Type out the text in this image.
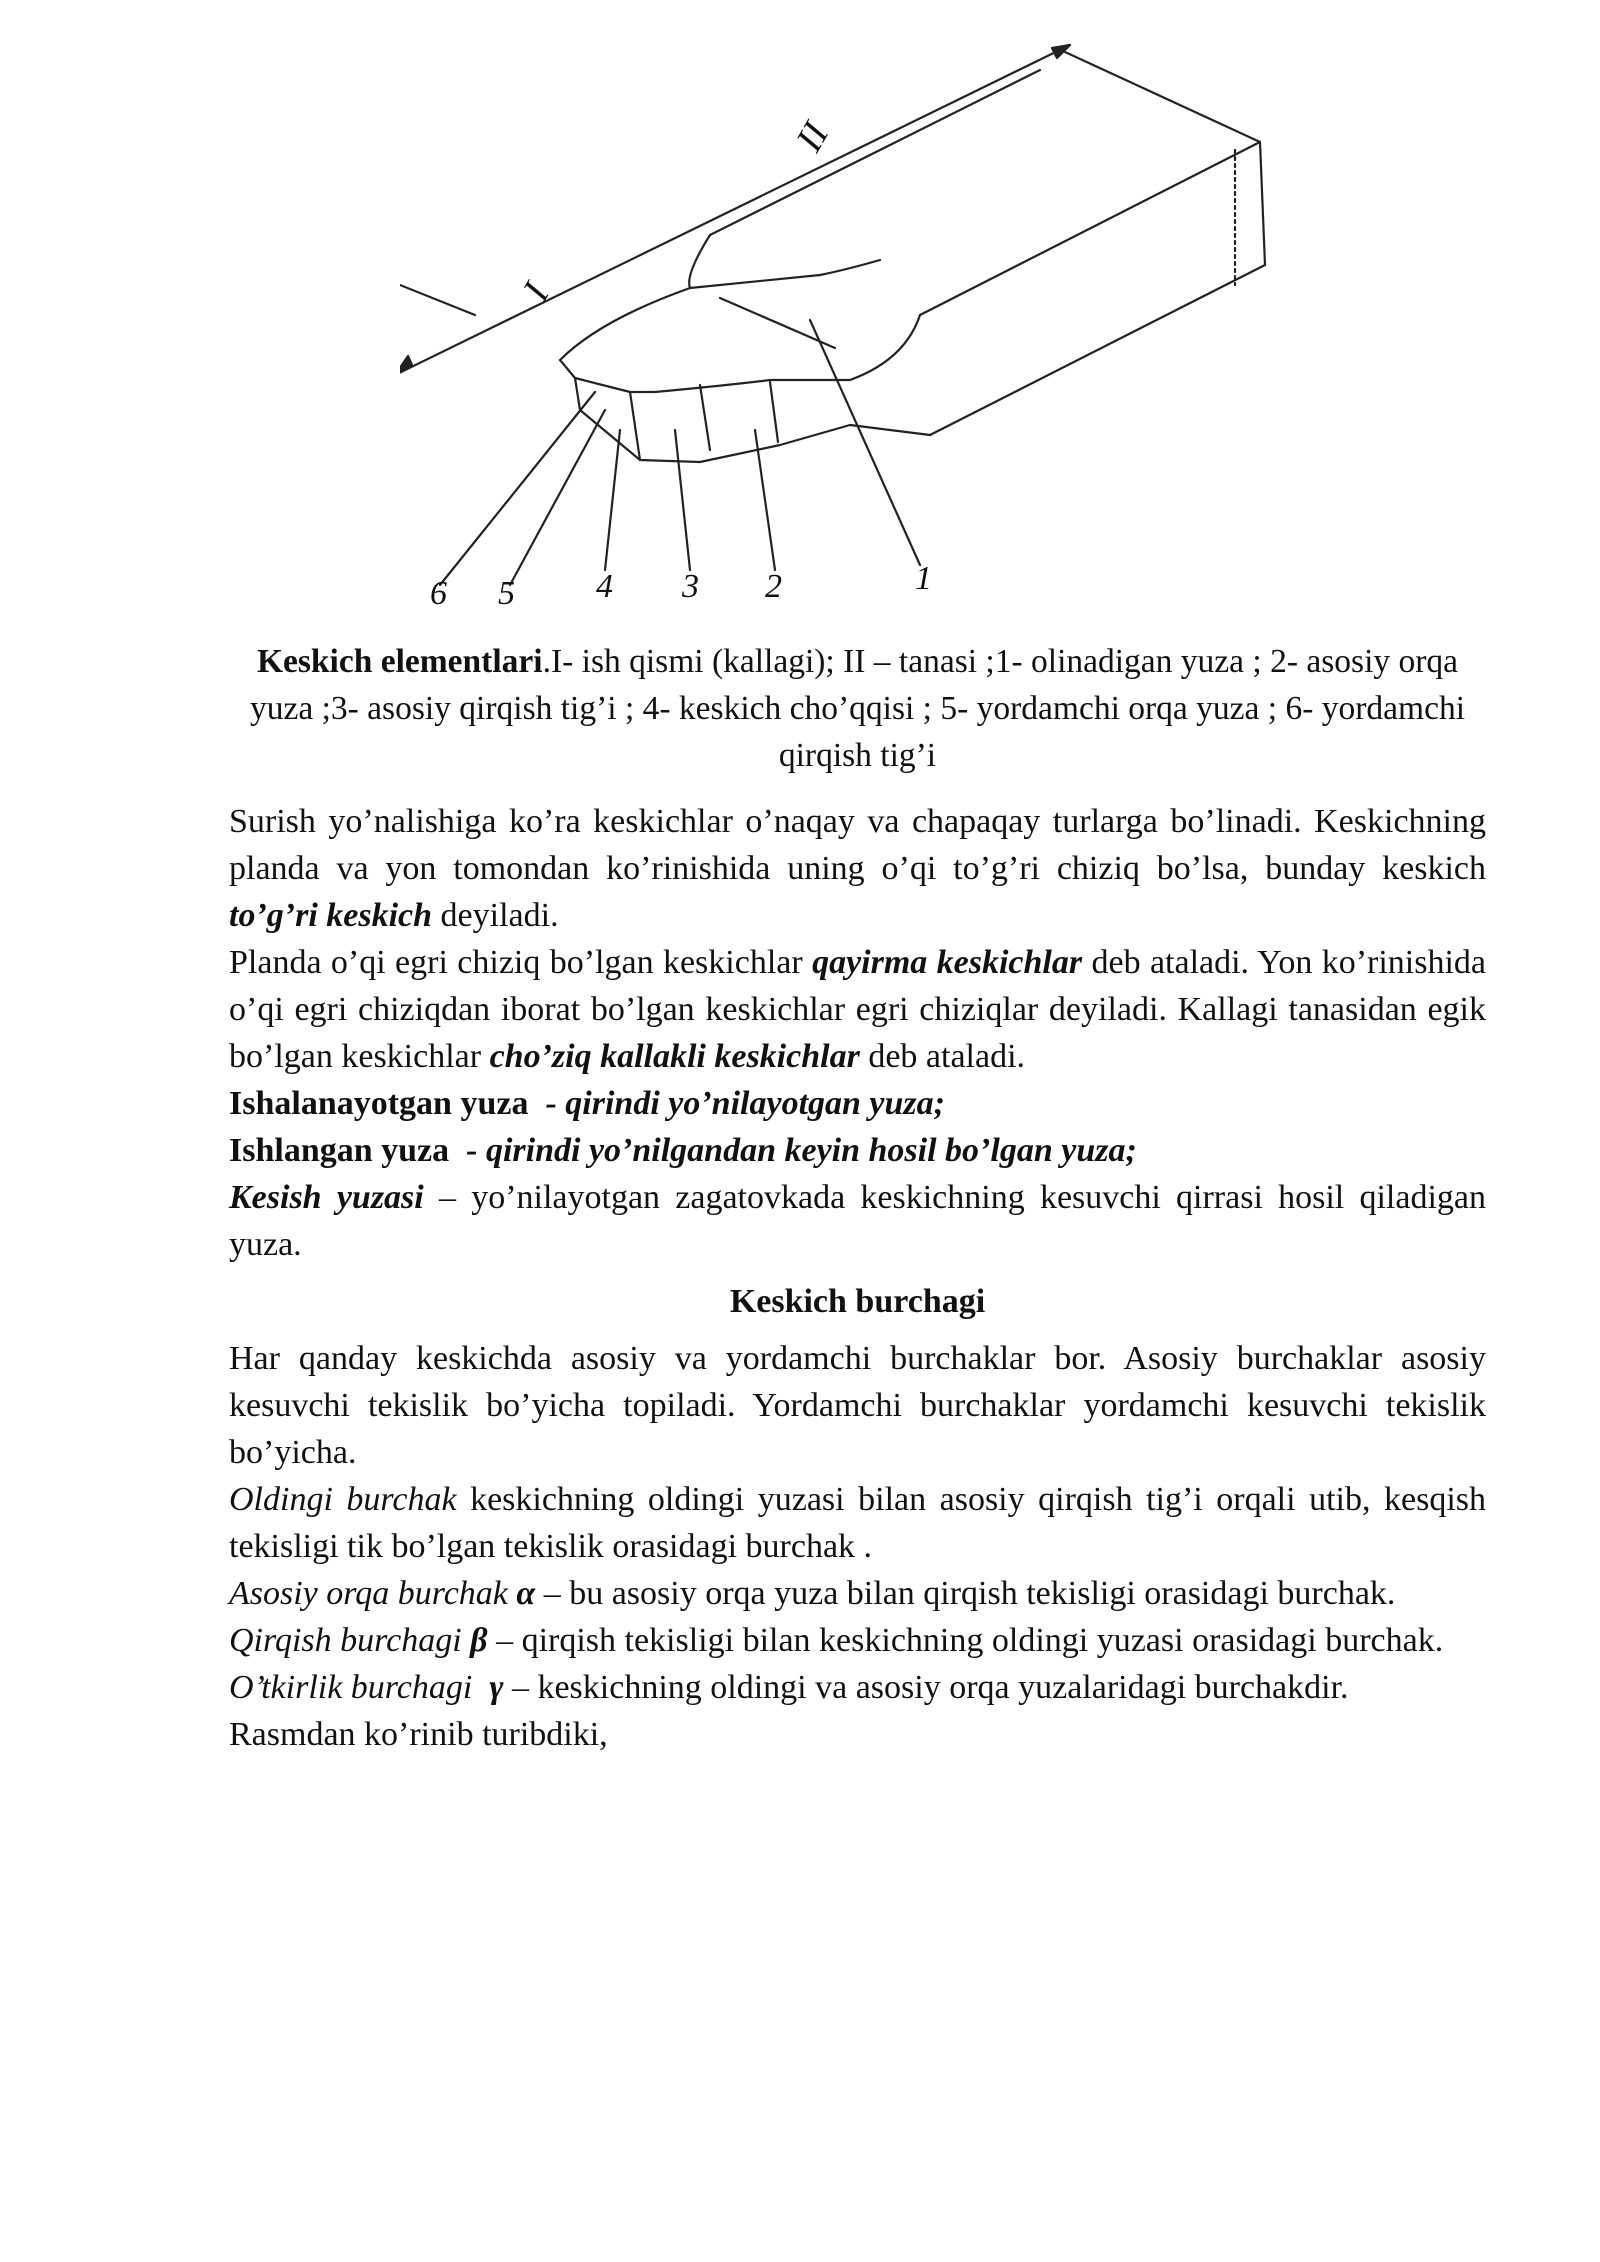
II
I
6 5 4 3 2	1
Keskich elementlari.I- ish qismi (kallagi); II – tanasi ;1- olinadigan yuza ; 2- asosiy orqa yuza ;3- asosiy qirqish tig’i ; 4- keskich cho’qqisi ; 5- yordamchi orqa yuza ; 6- yordamchi qirqish tig’i

Surish yo’nalishiga ko’ra keskichlar o’naqay va chapaqay turlarga bo’linadi. Keskichning planda va yon tomondan ko’rinishida uning o’qi to’g’ri chiziq bo’lsa, bunday keskich to’g’ri keskich deyiladi.

Planda o’qi egri chiziq bo’lgan keskichlar qayirma keskichlar deb ataladi. Yon ko’rinishida o’qi egri chiziqdan iborat bo’lgan keskichlar egri chiziqlar deyiladi. Kallagi tanasidan egik bo’lgan keskichlar cho’ziq kallakli keskichlar deb ataladi.

Ishalanayotgan yuza - qirindi yo’nilayotgan yuza;

Ishlangan yuza - qirindi yo’nilgandan keyin hosil bo’lgan yuza;

Kesish yuzasi – yo’nilayotgan zagatovkada keskichning kesuvchi qirrasi hosil qiladigan yuza.

Keskich burchagi

Har qanday keskichda asosiy va yordamchi burchaklar bor. Asosiy burchaklar asosiy kesuvchi tekislik bo’yicha topiladi. Yordamchi burchaklar yordamchi kesuvchi tekislik bo’yicha.

Oldingi burchak keskichning oldingi yuzasi bilan asosiy qirqish tig’i orqali utib, kesqish tekisligi tik bo’lgan tekislik orasidagi burchak .

Asosiy orqa burchak α – bu asosiy orqa yuza bilan qirqish tekisligi orasidagi burchak.

Qirqish burchagi β – qirqish tekisligi bilan keskichning oldingi yuzasi orasidagi burchak.

O’tkirlik burchagi γ – keskichning oldingi va asosiy orqa yuzalaridagi burchakdir.

Rasmdan ko’rinib turibdiki,
